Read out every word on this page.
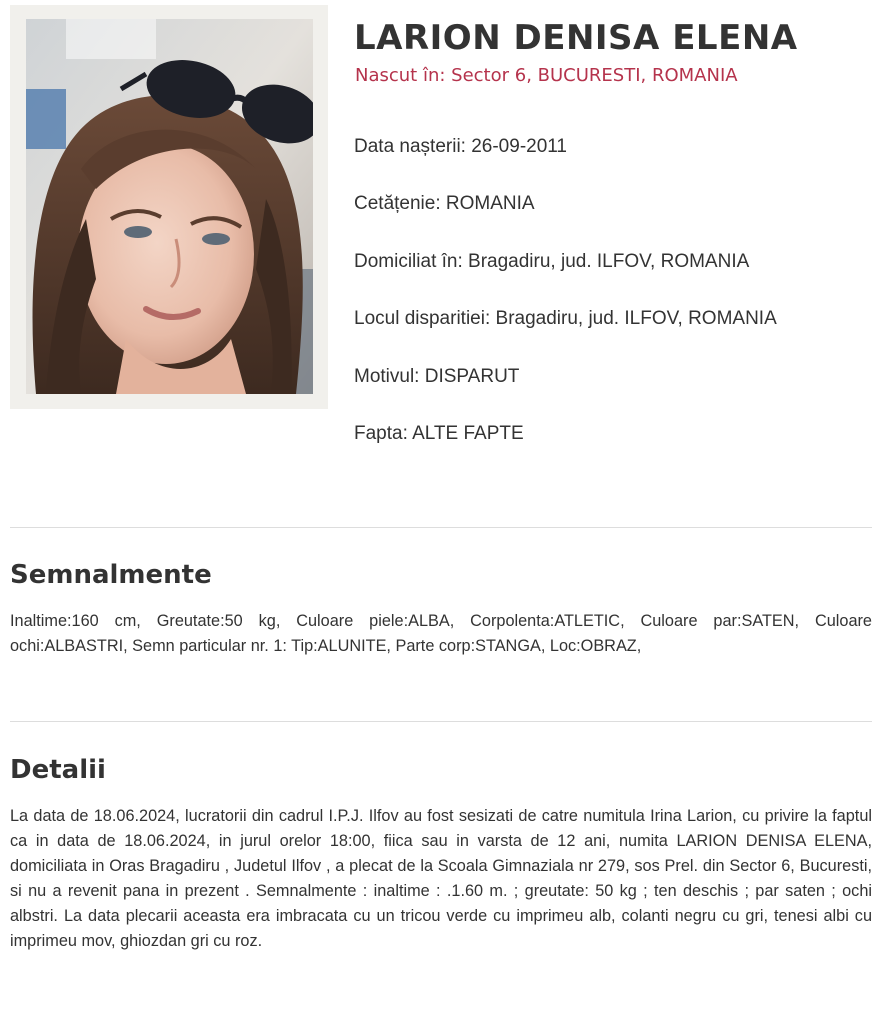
LARION DENISA ELENA
Nascut în: Sector 6, BUCURESTI, ROMANIA
Data nașterii: 26-09-2011
Cetățenie: ROMANIA
Domiciliat în: Bragadiru, jud. ILFOV, ROMANIA
Locul disparitiei: Bragadiru, jud. ILFOV, ROMANIA
Motivul: DISPARUT
Fapta: ALTE FAPTE
Semnalmente

Inaltime:160 cm, Greutate:50 kg, Culoare piele:ALBA, Corpolenta:ATLETIC, Culoare par:SATEN, Culoare ochi:ALBASTRI, Semn particular nr. 1: Tip:ALUNITE, Parte corp:STANGA, Loc:OBRAZ,

Detalii

La data de 18.06.2024, lucratorii din cadrul I.P.J. Ilfov au fost sesizati de catre numitula Irina Larion, cu privire la faptul ca in data de 18.06.2024, in jurul orelor 18:00, fiica sau in varsta de 12 ani, numita LARION DENISA ELENA, domiciliata in Oras Bragadiru , Judetul Ilfov , a plecat de la Scoala Gimnaziala nr 279, sos Prel. din Sector 6, Bucuresti, si nu a revenit pana in prezent . Semnalmente : inaltime : .1.60 m. ; greutate: 50 kg ; ten deschis ; par saten ; ochi albstri. La data plecarii aceasta era imbracata cu un tricou verde cu imprimeu alb, colanti negru cu gri, tenesi albi cu imprimeu mov, ghiozdan gri cu roz.
